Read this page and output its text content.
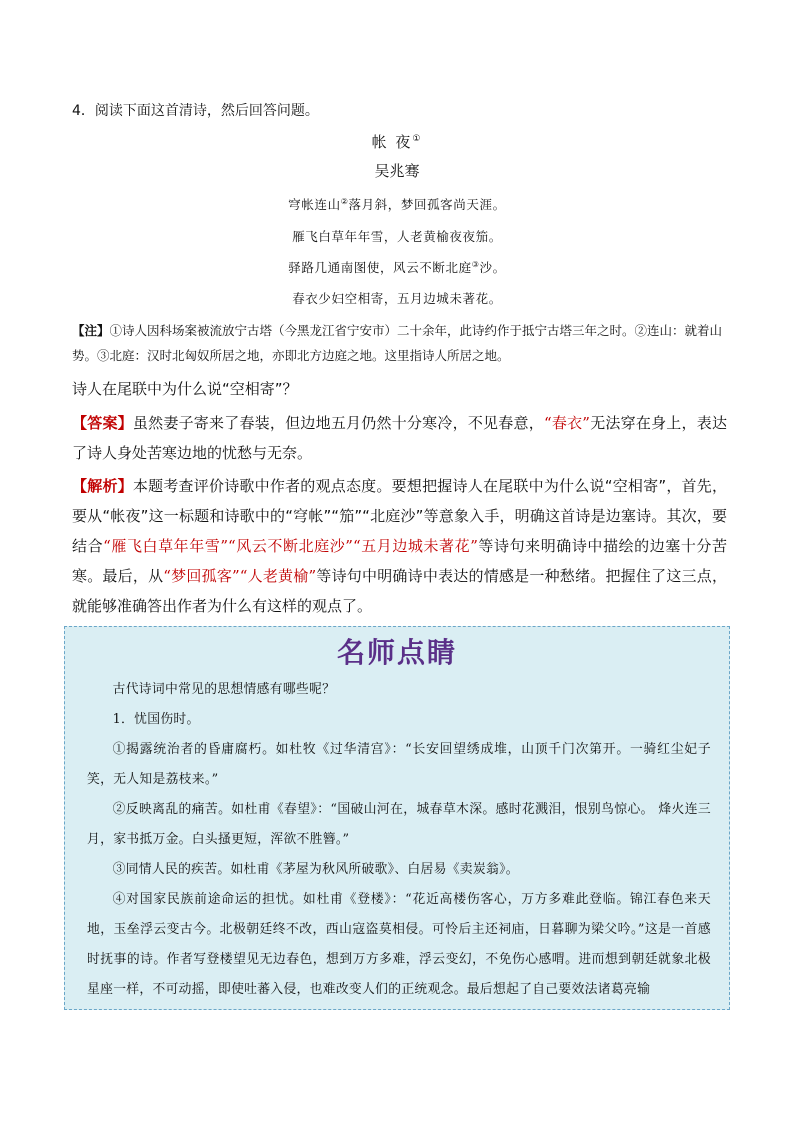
4．阅读下面这首清诗，然后回答问题。
帐 夜①
吴兆骞
穹帐连山②落月斜，梦回孤客尚天涯。
雁飞白草年年雪，人老黄榆夜夜笳。
驿路几通南图使，风云不断北庭③沙。
春衣少妇空相寄，五月边城未著花。
【注】①诗人因科场案被流放宁古塔（今黑龙江省宁安市）二十余年，此诗约作于抵宁古塔三年之时。②连山：就着山势。③北庭：汉时北匈奴所居之地，亦即北方边庭之地。这里指诗人所居之地。
诗人在尾联中为什么说“空相寄”？
【答案】虽然妻子寄来了春装，但边地五月仍然十分寒冷，不见春意，“春衣”无法穿在身上，表达了诗人身处苦寒边地的忧愁与无奈。
【解析】本题考查评价诗歌中作者的观点态度。要想把握诗人在尾联中为什么说“空相寄”，首先，要从“帐夜”这一标题和诗歌中的“穹帐”“笳”“北庭沙”等意象入手，明确这首诗是边塞诗。其次，要结合“雁飞白草年年雪”“风云不断北庭沙”“五月边城未著花”等诗句来明确诗中描绘的边塞十分苦寒。最后，从“梦回孤客”“人老黄榆”等诗句中明确诗中表达的情感是一种愁绪。把握住了这三点，就能够准确答出作者为什么有这样的观点了。
名师点睛

古代诗词中常见的思想情感有哪些呢？

1．忧国伤时。

①揭露统治者的昏庸腐朽。如杜牧《过华清宫》：“长安回望绣成堆，山顶千门次第开。一骑红尘妃子笑，无人知是荔枝来。”

②反映离乱的痛苦。如杜甫《春望》：“国破山河在，城春草木深。感时花溅泪，恨别鸟惊心。 烽火连三月，家书抵万金。白头搔更短，浑欲不胜簪。”

③同情人民的疾苦。如杜甫《茅屋为秋风所破歌》、白居易《卖炭翁》。

④对国家民族前途命运的担忧。如杜甫《登楼》：“花近高楼伤客心，万方多难此登临。锦江春色来天地，玉垒浮云变古今。北极朝廷终不改，西山寇盗莫相侵。可怜后主还祠庙，日暮聊为梁父吟。”这是一首感时抚事的诗。作者写登楼望见无边春色，想到万方多难，浮云变幻，不免伤心感喟。进而想到朝廷就象北极星座一样，不可动摇，即使吐蕃入侵，也难改变人们的正统观念。最后想起了自己要效法诸葛亮输
